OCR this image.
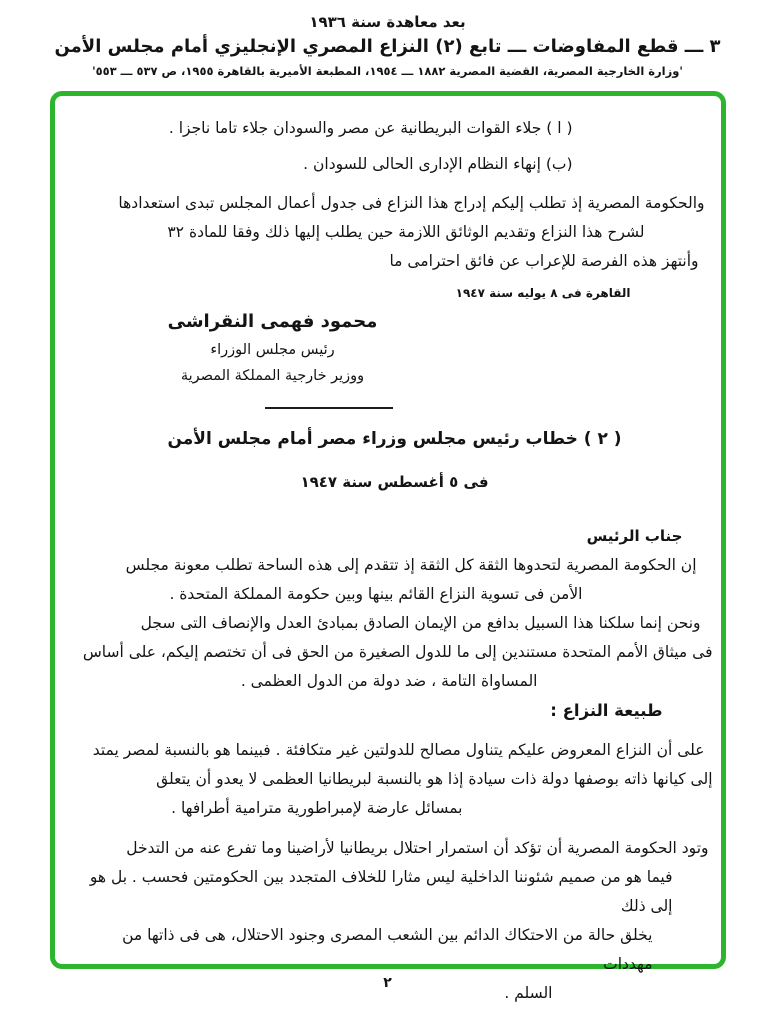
بعد معاهدة سنة ١٩٣٦
٣ ـــ قطع المفاوضات ـــ تابع (٢) النزاع المصري الإنجليزي أمام مجلس الأمن
'وزارة الخارجية المصرية، القضية المصرية ١٨٨٢ ـــ ١٩٥٤، المطبعة الأميرية بالقاهرة ١٩٥٥، ص ٥٣٧ ـــ ٥٥٣'
( ا ) جلاء القوات البريطانية عن مصر والسودان جلاء تاما ناجزا .
(ب) إنهاء النظام الإدارى الحالى للسودان .
والحكومة المصرية إذ تطلب إليكم إدراج هذا النزاع فى جدول أعمال المجلس تبدى استعدادها
لشرح هذا النزاع وتقديم الوثائق اللازمة حين يطلب إليها ذلك وفقا للمادة ٣٢
وأنتهز هذه الفرصة للإعراب عن فائق احترامى ما
القاهرة فى ٨ يوليه سنة ١٩٤٧
محمود فهمى النقراشى
رئيس مجلس الوزراء
ووزير خارجية المملكة المصرية
( ٢ ) خطاب رئيس مجلس وزراء مصر أمام مجلس الأمن
فى ٥ أغسطس سنة ١٩٤٧
جناب الرئيس
إن الحكومة المصرية لتحدوها الثقة كل الثقة إذ تتقدم إلى هذه الساحة تطلب معونة مجلس
الأمن فى تسوية النزاع القائم بينها وبين حكومة المملكة المتحدة .
ونحن إنما سلكنا هذا السبيل بدافع من الإيمان الصادق بمبادئ العدل والإنصاف التى سجل
فى ميثاق الأمم المتحدة مستندين إلى ما للدول الصغيرة من الحق فى أن تختصم إليكم، على أساس
المساواة التامة ، ضد دولة من الدول العظمى .
طبيعة النزاع :
على أن النزاع المعروض عليكم يتناول مصالح للدولتين غير متكافئة . فبينما هو بالنسبة لمصر يمتد
إلى كيانها ذاته بوصفها دولة ذات سيادة إذا هو بالنسبة لبريطانيا العظمى لا يعدو أن يتعلق
بمسائل عارضة لإمبراطورية مترامية أطرافها .
وتود الحكومة المصرية أن تؤكد أن استمرار احتلال بريطانيا لأراضينا وما تفرع عنه من التدخل
فيما هو من صميم شئوننا الداخلية ليس مثارا للخلاف المتجدد بين الحكومتين فحسب . بل هو إلى ذلك
يخلق حالة من الاحتكاك الدائم بين الشعب المصرى وجنود الاحتلال، هى فى ذاتها من مهددات
السلم .
٢
